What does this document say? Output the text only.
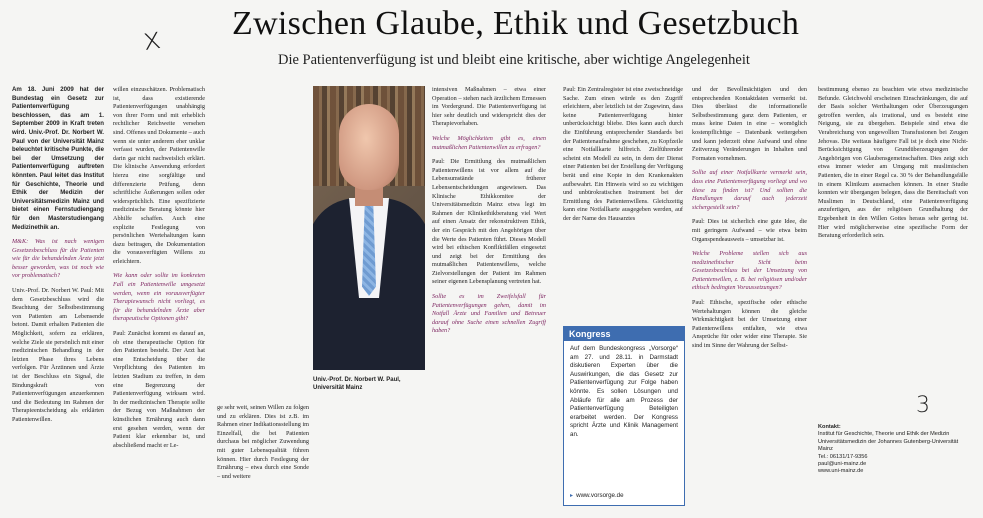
Zwischen Glaube, Ethik und Gesetzbuch
Die Patientenverfügung ist und bleibt eine kritische, aber wichtige Angelegenheit
x
3

Am 18. Juni 2009 hat der Bundestag ein Gesetz zur Patientenverfügung beschlossen, das am 1. September 2009 in Kraft treten wird. Univ.-Prof. Dr. Norbert W. Paul von der Universität Mainz beleuchtet kritische Punkte, die bei der Umsetzung der Patientenverfügung auftreten könnten. Paul leitet das Institut für Geschichte, Theorie und Ethik der Medizin der Universitätsmedizin Mainz und bietet einen Fernstudiengang für den Masterstudiengang Medizinethik an.

M&K: Was ist nach wenigen Gesetzesbeschluss für die Patienten wie für die behandelnden Ärzte jetzt besser geworden, was ist noch wie vor problematisch?

Univ.-Prof. Dr. Norbert W. Paul: Mit dem Gesetzbeschluss wird die Beachtung der Selbstbestimmung von Patienten am Lebensende betont. Damit erhalten Patienten die Möglichkeit, sofern zu erklären, welche Ziele sie persönlich mit einer medizinischen Behandlung in der letzten Phase ihres Lebens verfolgen. Für Ärztinnen und Ärzte ist der Beschluss ein Signal, die Bindungskraft von Patientenverfügungen anzuerkennen und die Bedeutung im Rahmen der Therapieentscheidung als erklärten Patientenwillen.

willen einzuschätzen. Problematisch ist, dass existierende Patientenverfügungen unabhängig von ihrer Form und mit erheblich rechtlicher Reichweite versehen sind. Offenes und Dokumente – auch wenn sie unter anderem eher unklar verfasst wurden, der Patientenwille darin gar nicht nachweislich erklärt. Die klinische Anwendung erfordert hierzu eine sorgfältige und differenzierte Prüfung, denn schriftliche Äußerungen sollen oder widersprüchlich. Eine spezifizierte medizinische Beratung könnte hier Abhilfe schaffen. Auch eine explizite Festlegung von persönlichen Wertehaltungen kann dazu beitragen, die Dokumentation die vorausverfügten Willens zu erleichtern.

Wie kann oder sollte im konkreten Fall ein Patientenwille umgesetzt werden, wenn ein vorausverfügter Therapiewunsch nicht vorliegt, es für die behandelnden Ärzte aber therapeutische Optionen gibt?

Paul: Zunächst kommt es darauf an, ob eine therapeutische Option für den Patienten besteht. Der Arzt hat eine Entscheidung über die Verpflichtung des Patienten im letzten Stadium zu treffen, in dem eine Begrenzung der Patientenverfügung wirksam wird. In der medizinischen Therapie sollte der Bezug von Maßnahmen der künstlichen Ernährung auch dann erst gesehen werden, wenn der Patient klar erkennbar ist, und abschließend macht er Le-

ge sehr weit, seinen Willen zu folgen und zu erklären. Dies ist z.B. im Rahmen einer Indikationsstellung im Einzelfall, die bei Patienten durchaus bei möglicher Zuwendung mit guter Lebensqualität führen können. Hier durch Festlegung der Ernährung – etwa durch eine Sonde – und weitere

Univ.-Prof. Dr. Norbert W. Paul, Universität Mainz

intensiven Maßnahmen – etwa einer Operation – stehen nach ärztlichem Ermessen im Vordergrund. Die Patientenverfügung ist hier sehr deutlich und widerspricht dies der Therapievorhaben.

Welche Möglichkeiten gibt es, einen mutmaßlichen Patientenwillen zu erfragen?

Paul: Die Ermittlung des mutmaßlichen Patientenwillens ist vor allem auf die Lebensumstände früherer Lebensentscheidungen angewiesen. Das Klinische Ethikkomitee der Universitätsmedizin Mainz etwa legt im Rahmen der Klinikethikberatung viel Wert auf einen Ansatz der rekonstruktiven Ethik, der ein Gespräch mit den Angehörigen über die Werte des Patienten führt. Dieses Modell wird bei ethischen Konfliktfällen eingesetzt und zeigt bei der Ermittlung des mutmaßlichen Patientenwillens, welche Zielvorstellungen der Patient im Rahmen seiner eigenen Lebensplanung vertreten hat.

Sollte es im Zweifelsfall für Patientenverfügungen gehen, damit im Notfall Ärzte und Familien und Betreuer darauf ohne Suche einen schnellen Zugriff haben?

Paul: Ein Zentralregister ist eine zweischneidige Sache. Zum einen würde es den Zugriff erleichtern, aber letztlich ist der Zugewinn, dass keine Patientenverfügung hinter unberücksichtigt bliebe. Dies kann auch durch die Einführung entsprechender Standards bei der Patientenaufnahme geschehen, zu Kopfzeile eine Notfallkarte hilfreich. Zielführender scheint ein Modell zu sein, in dem der Dienst einer Patienten bei der Erstellung der Verfügung berät und eine Kopie in den Krankenakten aufbewahrt. Ein Hinweis wird so zu wichtigen und unbürokratischen Instrument bei der Ermittlung des Patientenwillens. Gleichzeitig kann eine Notfallkarte ausgegeben werden, auf der der Name des Hausarztes

Kongress
Auf dem Bundeskongress „Vorsorge“ am 27. und 28.11. in Darmstadt diskutieren Experten über die Auswirkungen, die das Gesetz zur Patientenverfügung zur Folge haben könnte. Es sollen Lösungen und Abläufe für alle am Prozess der Patientenverfügung Beteiligten erarbeitet werden. Der Kongress spricht Ärzte und Klinik Management an.
▸ www.vorsorge.de

und der Bevollmächtigten und den entsprechenden Kontaktdaten vermerkt ist. Dies überlässt die informationelle Selbstbestimmung ganz dem Patienten, er muss keine Daten in eine – womöglich kostenpflichtige – Datenbank weitergeben und kann jederzeit ohne Aufwand und ohne Zeitverzug Veränderungen in Inhalten und Formaten vornehmen.

Sollte auf einer Notfallkarte vermerkt sein, dass eine Patientenverfügung vorliegt und wo diese zu finden ist? Und sollten die Handlungen darauf auch jederzeit sichergestellt sein?

Paul: Dies ist sicherlich eine gute Idee, die mit geringem Aufwand – wie etwa beim Organspendeausweis – umsetzbar ist.

Welche Probleme stellen sich aus medizinethischer Sicht beim Gesetzesbeschluss bei der Umsetzung von Patientenwillen, z. B. bei religiösen und/oder ethisch bedingten Voraussetzungen?

Paul: Ethische, spezifische oder ethische Wertehaltungen können die gleiche Wirkmächtigkeit bei der Umsetzung einer Patientenwillens entfalten, wie etwa Ansprüche für oder wider eine Therapie. Sie sind im Sinne der Wahrung der Selbst-

bestimmung ebenso zu beachten wie etwa medizinische Befunde. Gleichwohl erscheinen Einschränkungen, die auf der Basis solcher Werthaltungen oder Überzeugungen getroffen werden, als irrational, und es besteht eine Neigung, sie zu übergehen. Beispiele sind etwa die Verabreichung von ungewollten Transfusionen bei Zeugen Jehovas. Die weitaus häufigere Fall ist je doch eine Nicht-Berücksichtigung von Grundüberzeugungen der Angehörigen von Glaubensgemeinschaften. Dies zeigt sich etwa immer wieder am Umgang mit muslimischen Patienten, die in einer Regel ca. 30 % der Behandlungsfälle in einem Klinikum ausmachen können. In einer Studie konnten wir übergangen belegen, dass die Bereitschaft von Muslimen in Deutschland, eine Patientenverfügung anzufertigen, aus der religiösen Grundhaltung der Ergebenheit in den Willen Gottes heraus sehr gering ist. Hier wird möglicherweise eine spezifische Form der Beratung erforderlich sein.

Kontakt:
Institut für Geschichte, Theorie und Ethik der Medizin
Universitätsmedizin der Johannes Gutenberg-Universität Mainz
Tel.: 06131/17-9356
paul@uni-mainz.de
www.uni-mainz.de
